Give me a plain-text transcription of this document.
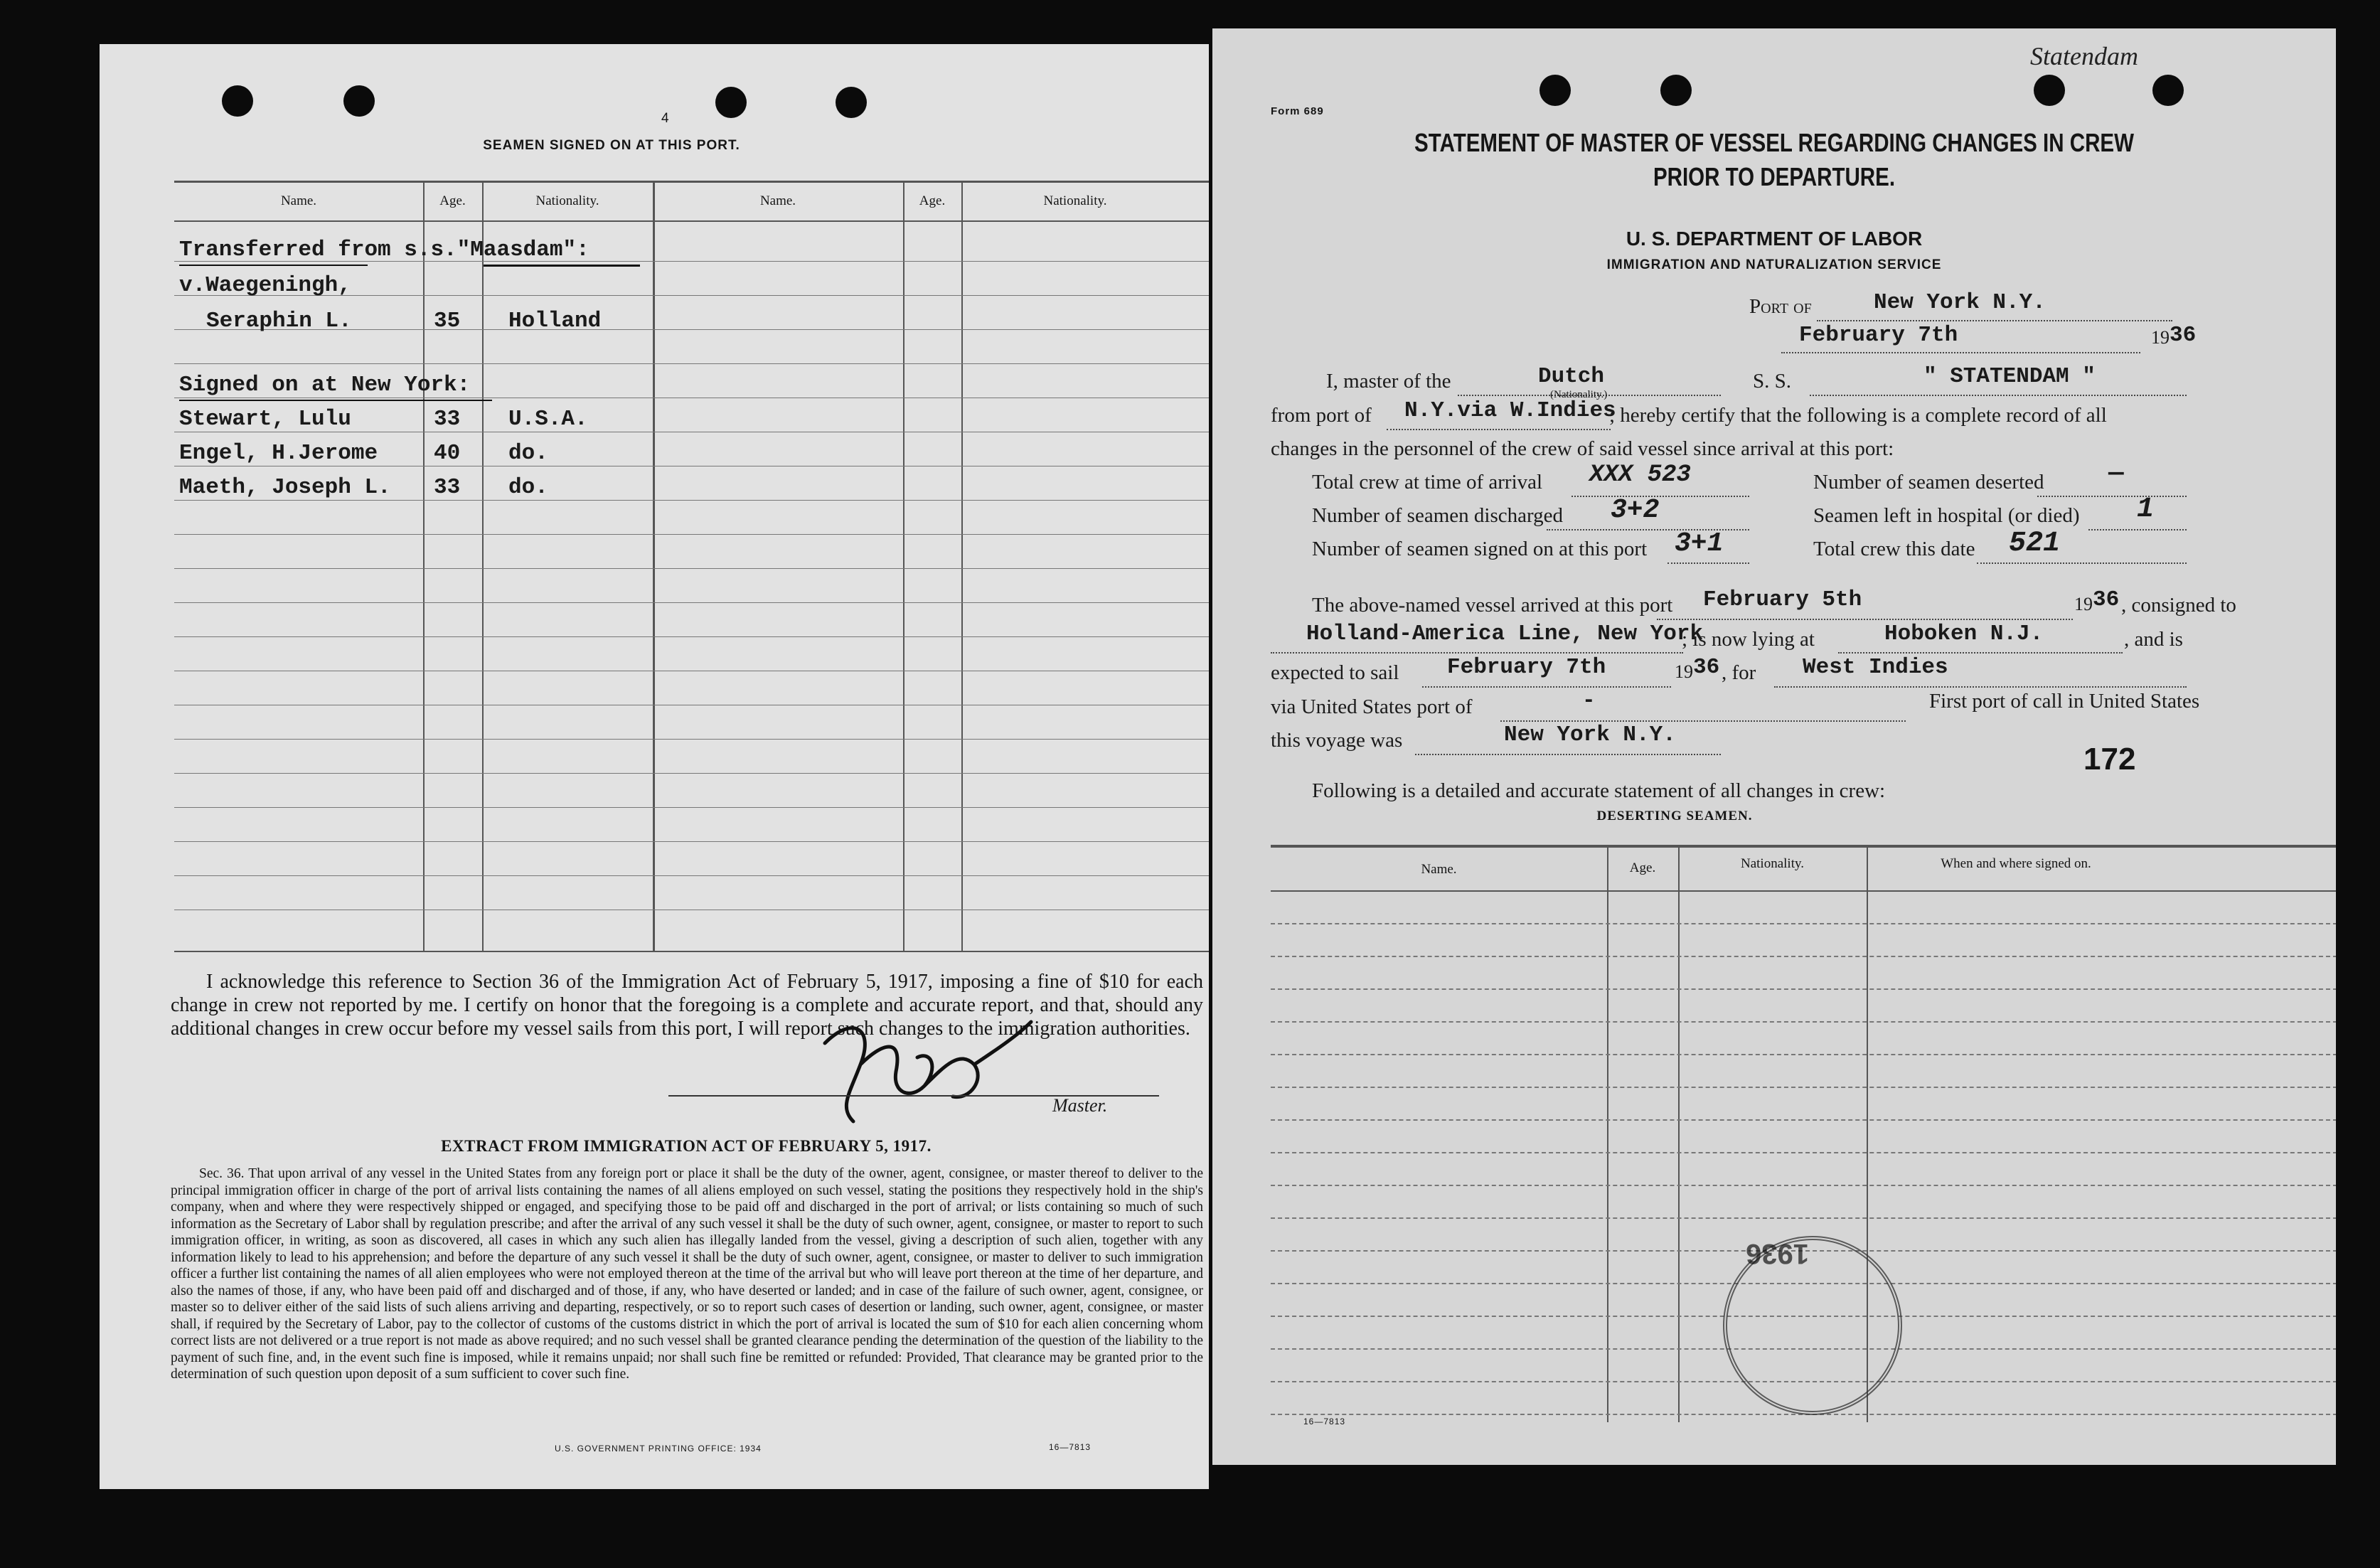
4
SEAMEN SIGNED ON AT THIS PORT.
Name.	Age.	Nationality.	Name.	Age.	Nationality.
Transferred from s.s."Maasdam":
v.Waegeningh,
Seraphin L.	35 Holland
Signed on at New York:
Stewart, Lulu	33 U.S.A.
Engel, H.Jerome	40 do.
Maeth, Joseph L. 33 do.
I acknowledge this reference to Section 36 of the Immigration Act of February 5, 1917, imposing a fine of $10 for each change in crew not reported by me. I certify on honor that the foregoing is a complete and accurate report, and that, should any additional changes in crew occur before my vessel sails from this port, I will report such changes to the immigration authorities.
Master.
EXTRACT FROM IMMIGRATION ACT OF FEBRUARY 5, 1917.
Sec. 36. That upon arrival of any vessel in the United States from any foreign port or place it shall be the duty of the owner, agent, consignee, or master thereof to deliver to the principal immigration officer in charge of the port of arrival lists containing the names of all aliens employed on such vessel, stating the positions they respectively hold in the ship's company, when and where they were respectively shipped or engaged, and specifying those to be paid off and discharged in the port of arrival; or lists containing so much of such information as the Secretary of Labor shall by regulation prescribe; and after the arrival of any such vessel it shall be the duty of such owner, agent, consignee, or master to report to such immigration officer, in writing, as soon as discovered, all cases in which any such alien has illegally landed from the vessel, giving a description of such alien, together with any information likely to lead to his apprehension; and before the departure of any such vessel it shall be the duty of such owner, agent, consignee, or master to deliver to such immigration officer a further list containing the names of all alien employees who were not employed thereon at the time of the arrival but who will leave port thereon at the time of her departure, and also the names of those, if any, who have been paid off and discharged and of those, if any, who have deserted or landed; and in case of the failure of such owner, agent, consignee, or master so to deliver either of the said lists of such aliens arriving and departing, respectively, or so to report such cases of desertion or landing, such owner, agent, consignee, or master shall, if required by the Secretary of Labor, pay to the collector of customs of the customs district in which the port of arrival is located the sum of $10 for each alien concerning whom correct lists are not delivered or a true report is not made as above required; and no such vessel shall be granted clearance pending the determination of the question of the liability to the payment of such fine, and, in the event such fine is imposed, while it remains unpaid; nor shall such fine be remitted or refunded: Provided, That clearance may be granted prior to the determination of such question upon deposit of a sum sufficient to cover such fine.
U.S. GOVERNMENT PRINTING OFFICE: 1934	16—7813
Statendam
Form 689
STATEMENT OF MASTER OF VESSEL REGARDING CHANGES IN CREW
PRIOR TO DEPARTURE.
U. S. DEPARTMENT OF LABOR
IMMIGRATION AND NATURALIZATION SERVICE
Port of	New York N.Y.
February 7th	19 36
I, master of the	Dutch
(Nationality.)
S. S.	" STATENDAM "
from port of N.Y.via W.Indies
; hereby certify that the following is a complete record of all
changes in the personnel of the crew of said vessel since arrival at this port:
Total crew at time of arrival XXX 523
Number of seamen discharged 3+2
Number of seamen signed on at this port 3+1
Number of seamen deserted	—
Seamen left in hospital (or died) 1
Total crew this date 521
The above-named vessel arrived at this port February 5th	19 36 , consigned to
Holland-America Line, New York
; is now lying at	Hoboken N.J.	, and is
expected to sail February 7th	19 36 , for West Indies
via United States port of	-	First port of call in United States
this voyage was	New York N.Y.
172
Following is a detailed and accurate statement of all changes in crew:
DESERTING SEAMEN.
Name.	Age.	Nationality.	When and where signed on.
1936
16—7813
